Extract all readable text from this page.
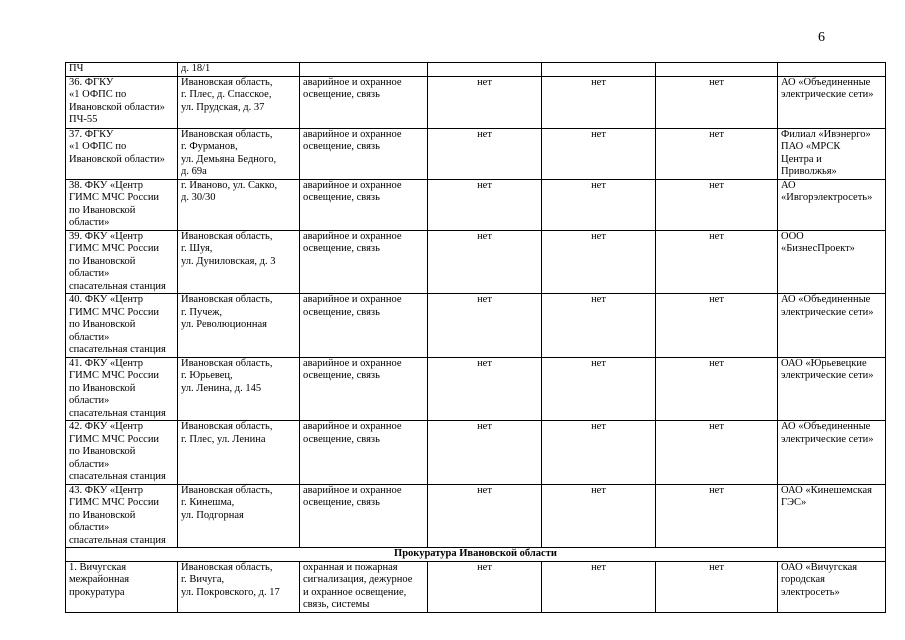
6
ПЧ	д. 18/1					
36. ФГКУ
«1 ОФПС по
Ивановской области»
ПЧ-55	Ивановская область,
г. Плес, д. Спасское,
ул. Прудская, д. 37	аварийное и охранное
освещение, связь	нет	нет	нет	АО «Объединенные
электрические сети»
37. ФГКУ
«1 ОФПС по
Ивановской области»	Ивановская область,
г. Фурманов,
ул. Демьяна Бедного,
д. 69а	аварийное и охранное
освещение, связь	нет	нет	нет	Филиал «Ивэнерго»
ПАО «МРСК
Центра и
Приволжья»
38. ФКУ «Центр
ГИМС МЧС России
по Ивановской
области»	г. Иваново, ул. Сакко,
д. 30/30	аварийное и охранное
освещение, связь	нет	нет	нет	АО
«Ивгорэлектросеть»
39. ФКУ «Центр
ГИМС МЧС России
по Ивановской
области»
спасательная станция	Ивановская область,
г. Шуя,
ул. Дуниловская, д. 3	аварийное и охранное
освещение, связь	нет	нет	нет	ООО
«БизнесПроект»
40. ФКУ «Центр
ГИМС МЧС России
по Ивановской
области»
спасательная станция	Ивановская область,
г. Пучеж,
ул. Революционная	аварийное и охранное
освещение, связь	нет	нет	нет	АО «Объединенные
электрические сети»
41. ФКУ «Центр
ГИМС МЧС России
по Ивановской
области»
спасательная станция	Ивановская область,
г. Юрьевец,
ул. Ленина, д. 145	аварийное и охранное
освещение, связь	нет	нет	нет	ОАО «Юрьевецкие
электрические сети»
42. ФКУ «Центр
ГИМС МЧС России
по Ивановской
области»
спасательная станция	Ивановская область,
г. Плес, ул. Ленина	аварийное и охранное
освещение, связь	нет	нет	нет	АО «Объединенные
электрические сети»
43. ФКУ «Центр
ГИМС МЧС России
по Ивановской
области»
спасательная станция	Ивановская область,
г. Кинешма,
ул. Подгорная	аварийное и охранное
освещение, связь	нет	нет	нет	ОАО «Кинешемская
ГЭС»
Прокуратура Ивановской области						
1. Вичугская
межрайонная
прокуратура	Ивановская область,
г. Вичуга,
ул. Покровского, д. 17	охранная и пожарная
сигнализация, дежурное
и охранное освещение,
связь, системы	нет	нет	нет	ОАО «Вичугская
городская
электросеть»
